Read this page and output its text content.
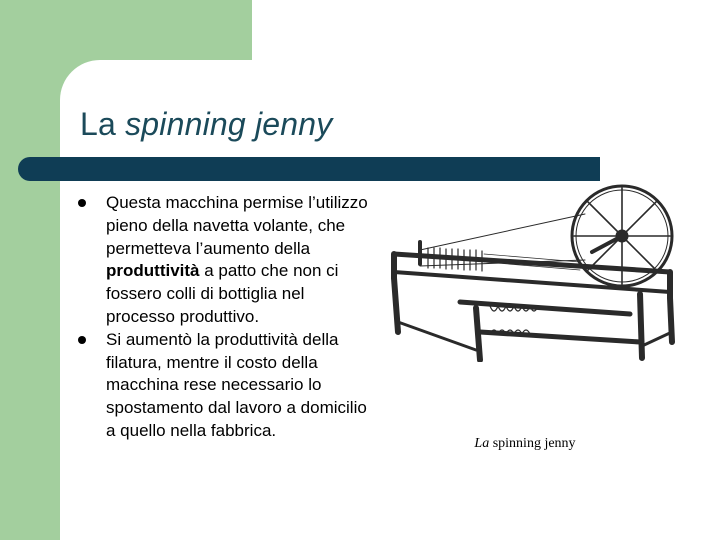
La spinning jenny
Questa macchina permise l’utilizzo pieno della navetta volante, che permetteva l’aumento della produttività a patto che non ci fossero colli di bottiglia nel processo produttivo.
Si aumentò la produttività della filatura, mentre il costo della macchina rese necessario lo spostamento dal lavoro a domicilio a quello nella fabbrica.
La spinning jenny
